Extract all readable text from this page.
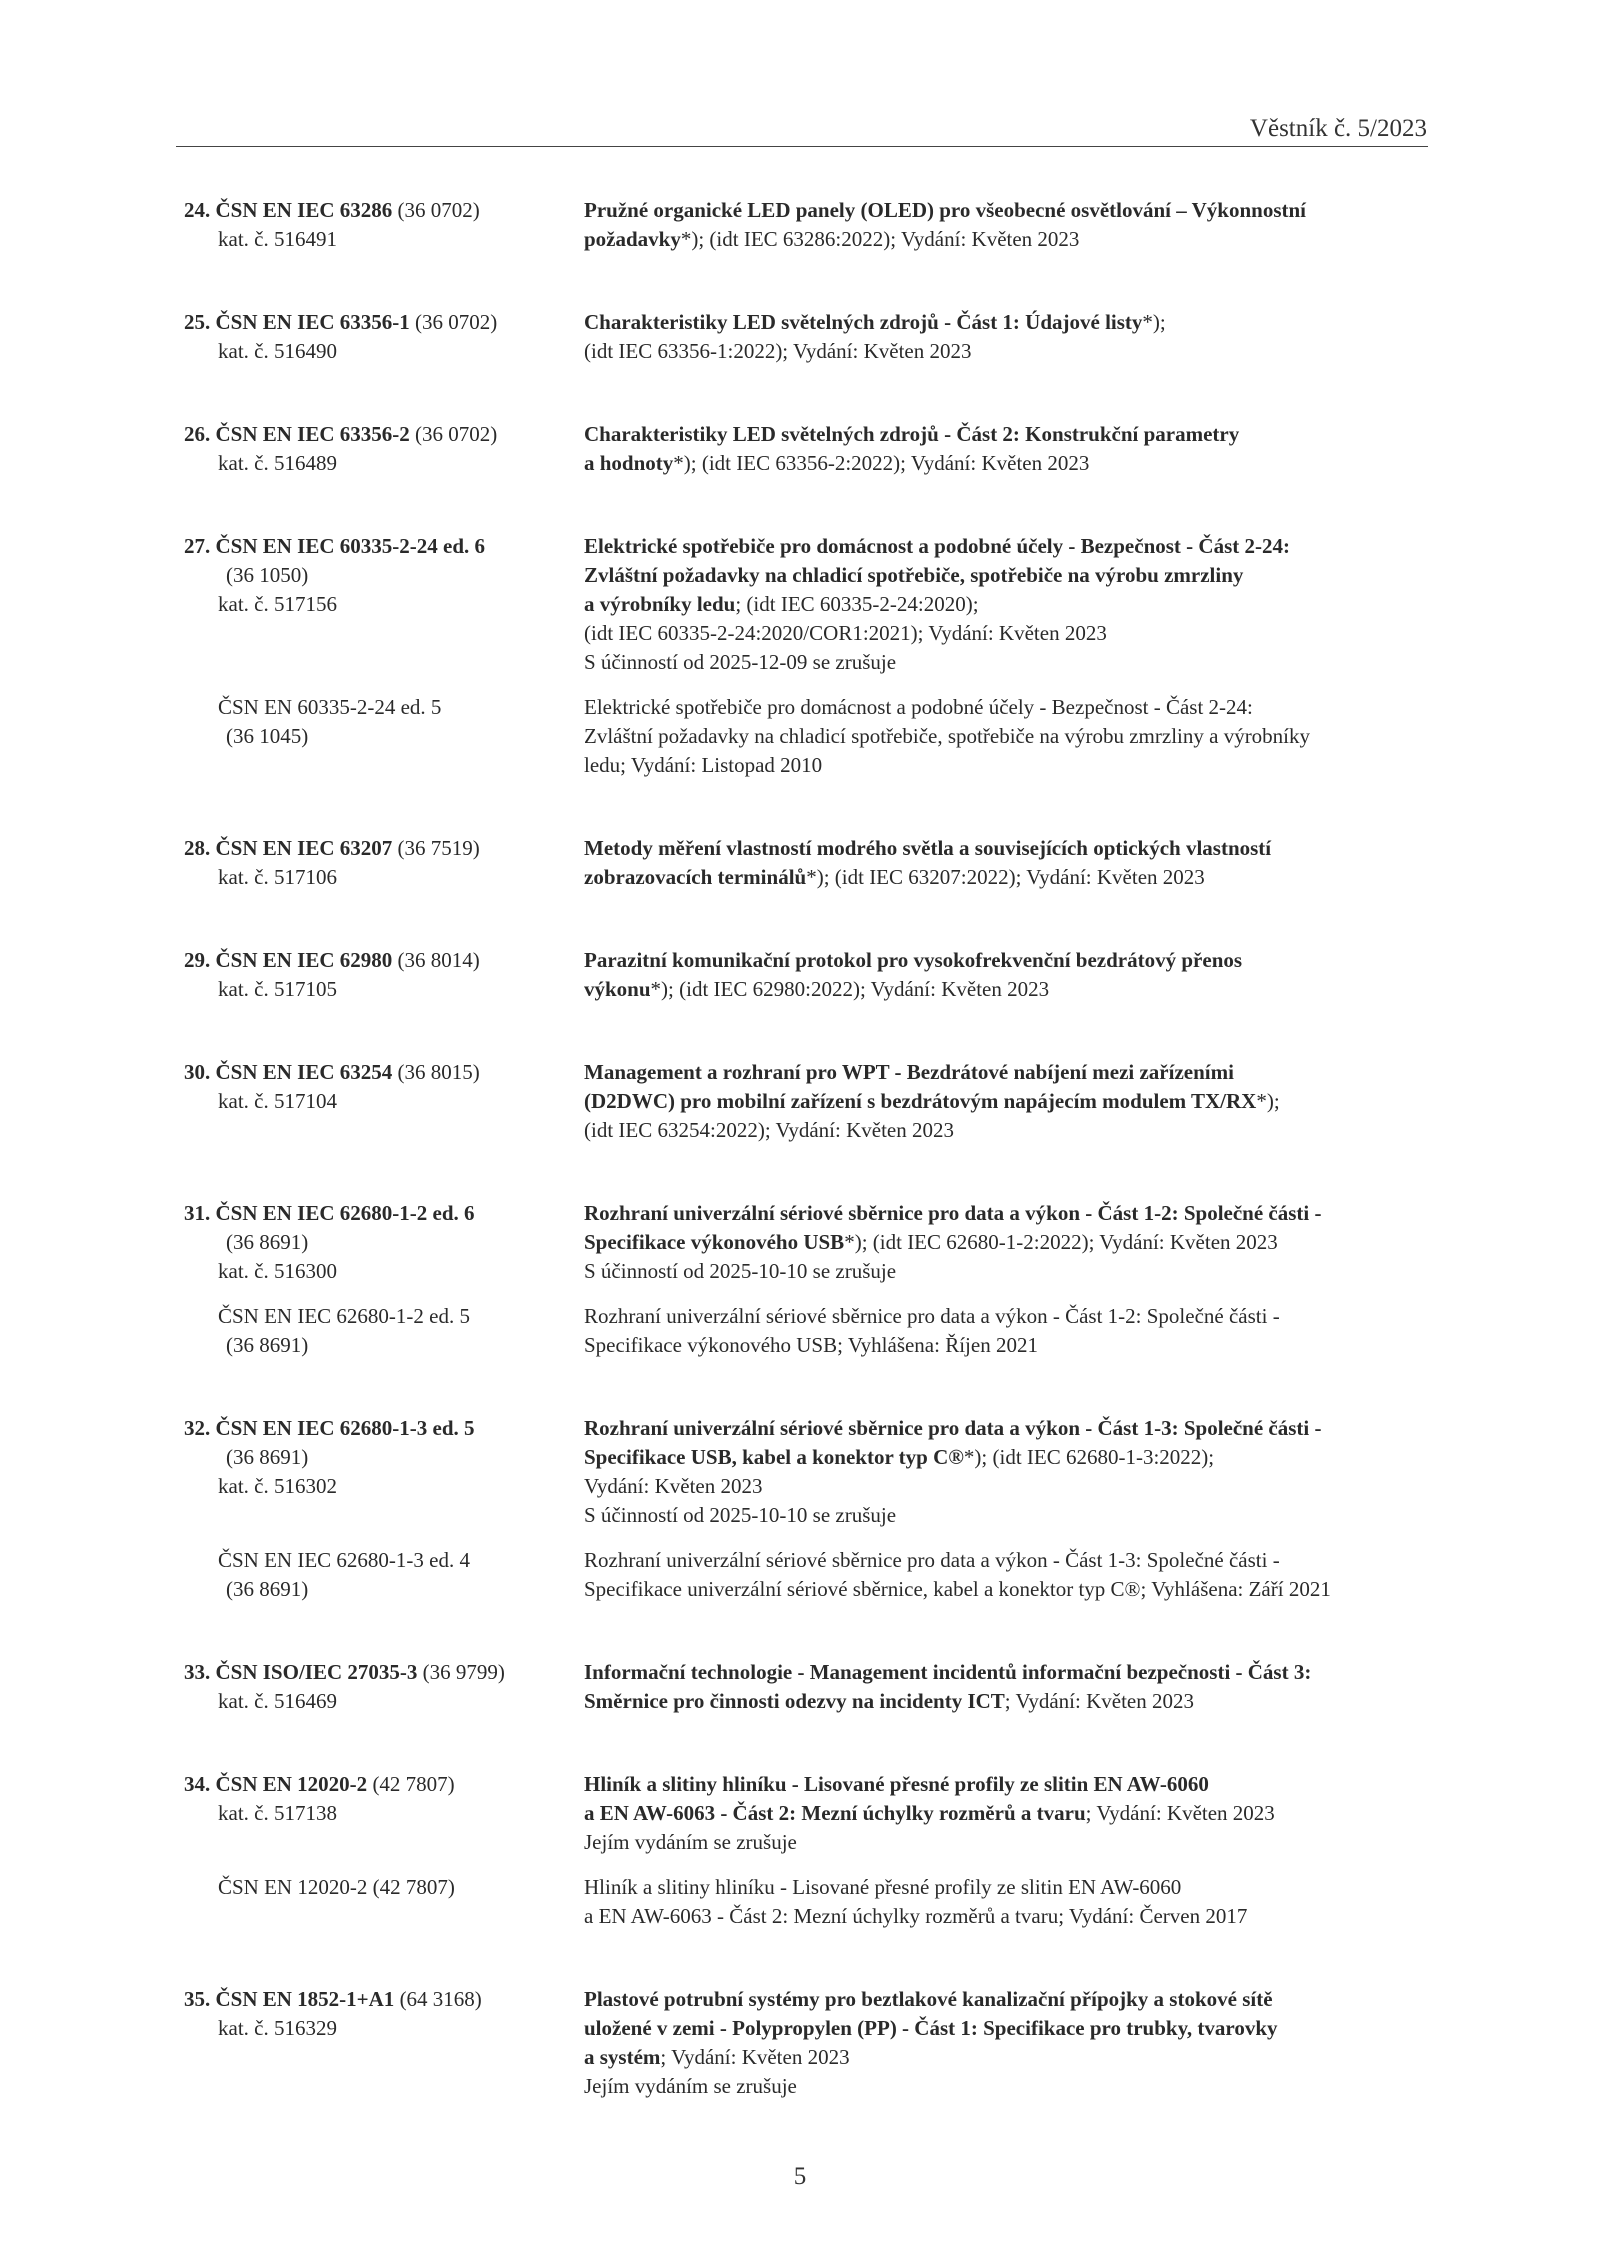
Věstník č. 5/2023
24. ČSN EN IEC 63286 (36 0702)
kat. č. 516491
Pružné organické LED panely (OLED) pro všeobecné osvětlování – Výkonnostní
požadavky*); (idt IEC 63286:2022); Vydání: Květen 2023
25. ČSN EN IEC 63356-1 (36 0702)
kat. č. 516490
Charakteristiky LED světelných zdrojů - Část 1: Údajové listy*);
(idt IEC 63356-1:2022); Vydání: Květen 2023
26. ČSN EN IEC 63356-2 (36 0702)
kat. č. 516489
Charakteristiky LED světelných zdrojů - Část 2: Konstrukční parametry
a hodnoty*); (idt IEC 63356-2:2022); Vydání: Květen 2023
27. ČSN EN IEC 60335-2-24 ed. 6
(36 1050)
kat. č. 517156
Elektrické spotřebiče pro domácnost a podobné účely - Bezpečnost - Část 2-24:
Zvláštní požadavky na chladicí spotřebiče, spotřebiče na výrobu zmrzliny
a výrobníky ledu; (idt IEC 60335-2-24:2020);
(idt IEC 60335-2-24:2020/COR1:2021); Vydání: Květen 2023
S účinností od 2025-12-09 se zrušuje
ČSN EN 60335-2-24 ed. 5
(36 1045)
Elektrické spotřebiče pro domácnost a podobné účely - Bezpečnost - Část 2-24:
Zvláštní požadavky na chladicí spotřebiče, spotřebiče na výrobu zmrzliny a výrobníky
ledu; Vydání: Listopad 2010
28. ČSN EN IEC 63207 (36 7519)
kat. č. 517106
Metody měření vlastností modrého světla a souvisejících optických vlastností
zobrazovacích terminálů*); (idt IEC 63207:2022); Vydání: Květen 2023
29. ČSN EN IEC 62980 (36 8014)
kat. č. 517105
Parazitní komunikační protokol pro vysokofrekvenční bezdrátový přenos
výkonu*); (idt IEC 62980:2022); Vydání: Květen 2023
30. ČSN EN IEC 63254 (36 8015)
kat. č. 517104
Management a rozhraní pro WPT - Bezdrátové nabíjení mezi zařízeními
(D2DWC) pro mobilní zařízení s bezdrátovým napájecím modulem TX/RX*);
(idt IEC 63254:2022); Vydání: Květen 2023
31. ČSN EN IEC 62680-1-2 ed. 6
(36 8691)
kat. č. 516300
Rozhraní univerzální sériové sběrnice pro data a výkon - Část 1-2: Společné části -
Specifikace výkonového USB*); (idt IEC 62680-1-2:2022); Vydání: Květen 2023
S účinností od 2025-10-10 se zrušuje
ČSN EN IEC 62680-1-2 ed. 5
(36 8691)
Rozhraní univerzální sériové sběrnice pro data a výkon - Část 1-2: Společné části -
Specifikace výkonového USB; Vyhlášena: Říjen 2021
32. ČSN EN IEC 62680-1-3 ed. 5
(36 8691)
kat. č. 516302
Rozhraní univerzální sériové sběrnice pro data a výkon - Část 1-3: Společné části -
Specifikace USB, kabel a konektor typ C®*); (idt IEC 62680-1-3:2022);
Vydání: Květen 2023
S účinností od 2025-10-10 se zrušuje
ČSN EN IEC 62680-1-3 ed. 4
(36 8691)
Rozhraní univerzální sériové sběrnice pro data a výkon - Část 1-3: Společné části -
Specifikace univerzální sériové sběrnice, kabel a konektor typ C®; Vyhlášena: Září 2021
33. ČSN ISO/IEC 27035-3 (36 9799)
kat. č. 516469
Informační technologie - Management incidentů informační bezpečnosti - Část 3:
Směrnice pro činnosti odezvy na incidenty ICT; Vydání: Květen 2023
34. ČSN EN 12020-2 (42 7807)
kat. č. 517138
Hliník a slitiny hliníku - Lisované přesné profily ze slitin EN AW-6060
a EN AW-6063 - Část 2: Mezní úchylky rozměrů a tvaru; Vydání: Květen 2023
Jejím vydáním se zrušuje
ČSN EN 12020-2 (42 7807)	Hliník a slitiny hliníku - Lisované přesné profily ze slitin EN AW-6060
a EN AW-6063 - Část 2: Mezní úchylky rozměrů a tvaru; Vydání: Červen 2017
35. ČSN EN 1852-1+A1 (64 3168)
kat. č. 516329
Plastové potrubní systémy pro beztlakové kanalizační přípojky a stokové sítě
uložené v zemi - Polypropylen (PP) - Část 1: Specifikace pro trubky, tvarovky
a systém; Vydání: Květen 2023
Jejím vydáním se zrušuje
5
